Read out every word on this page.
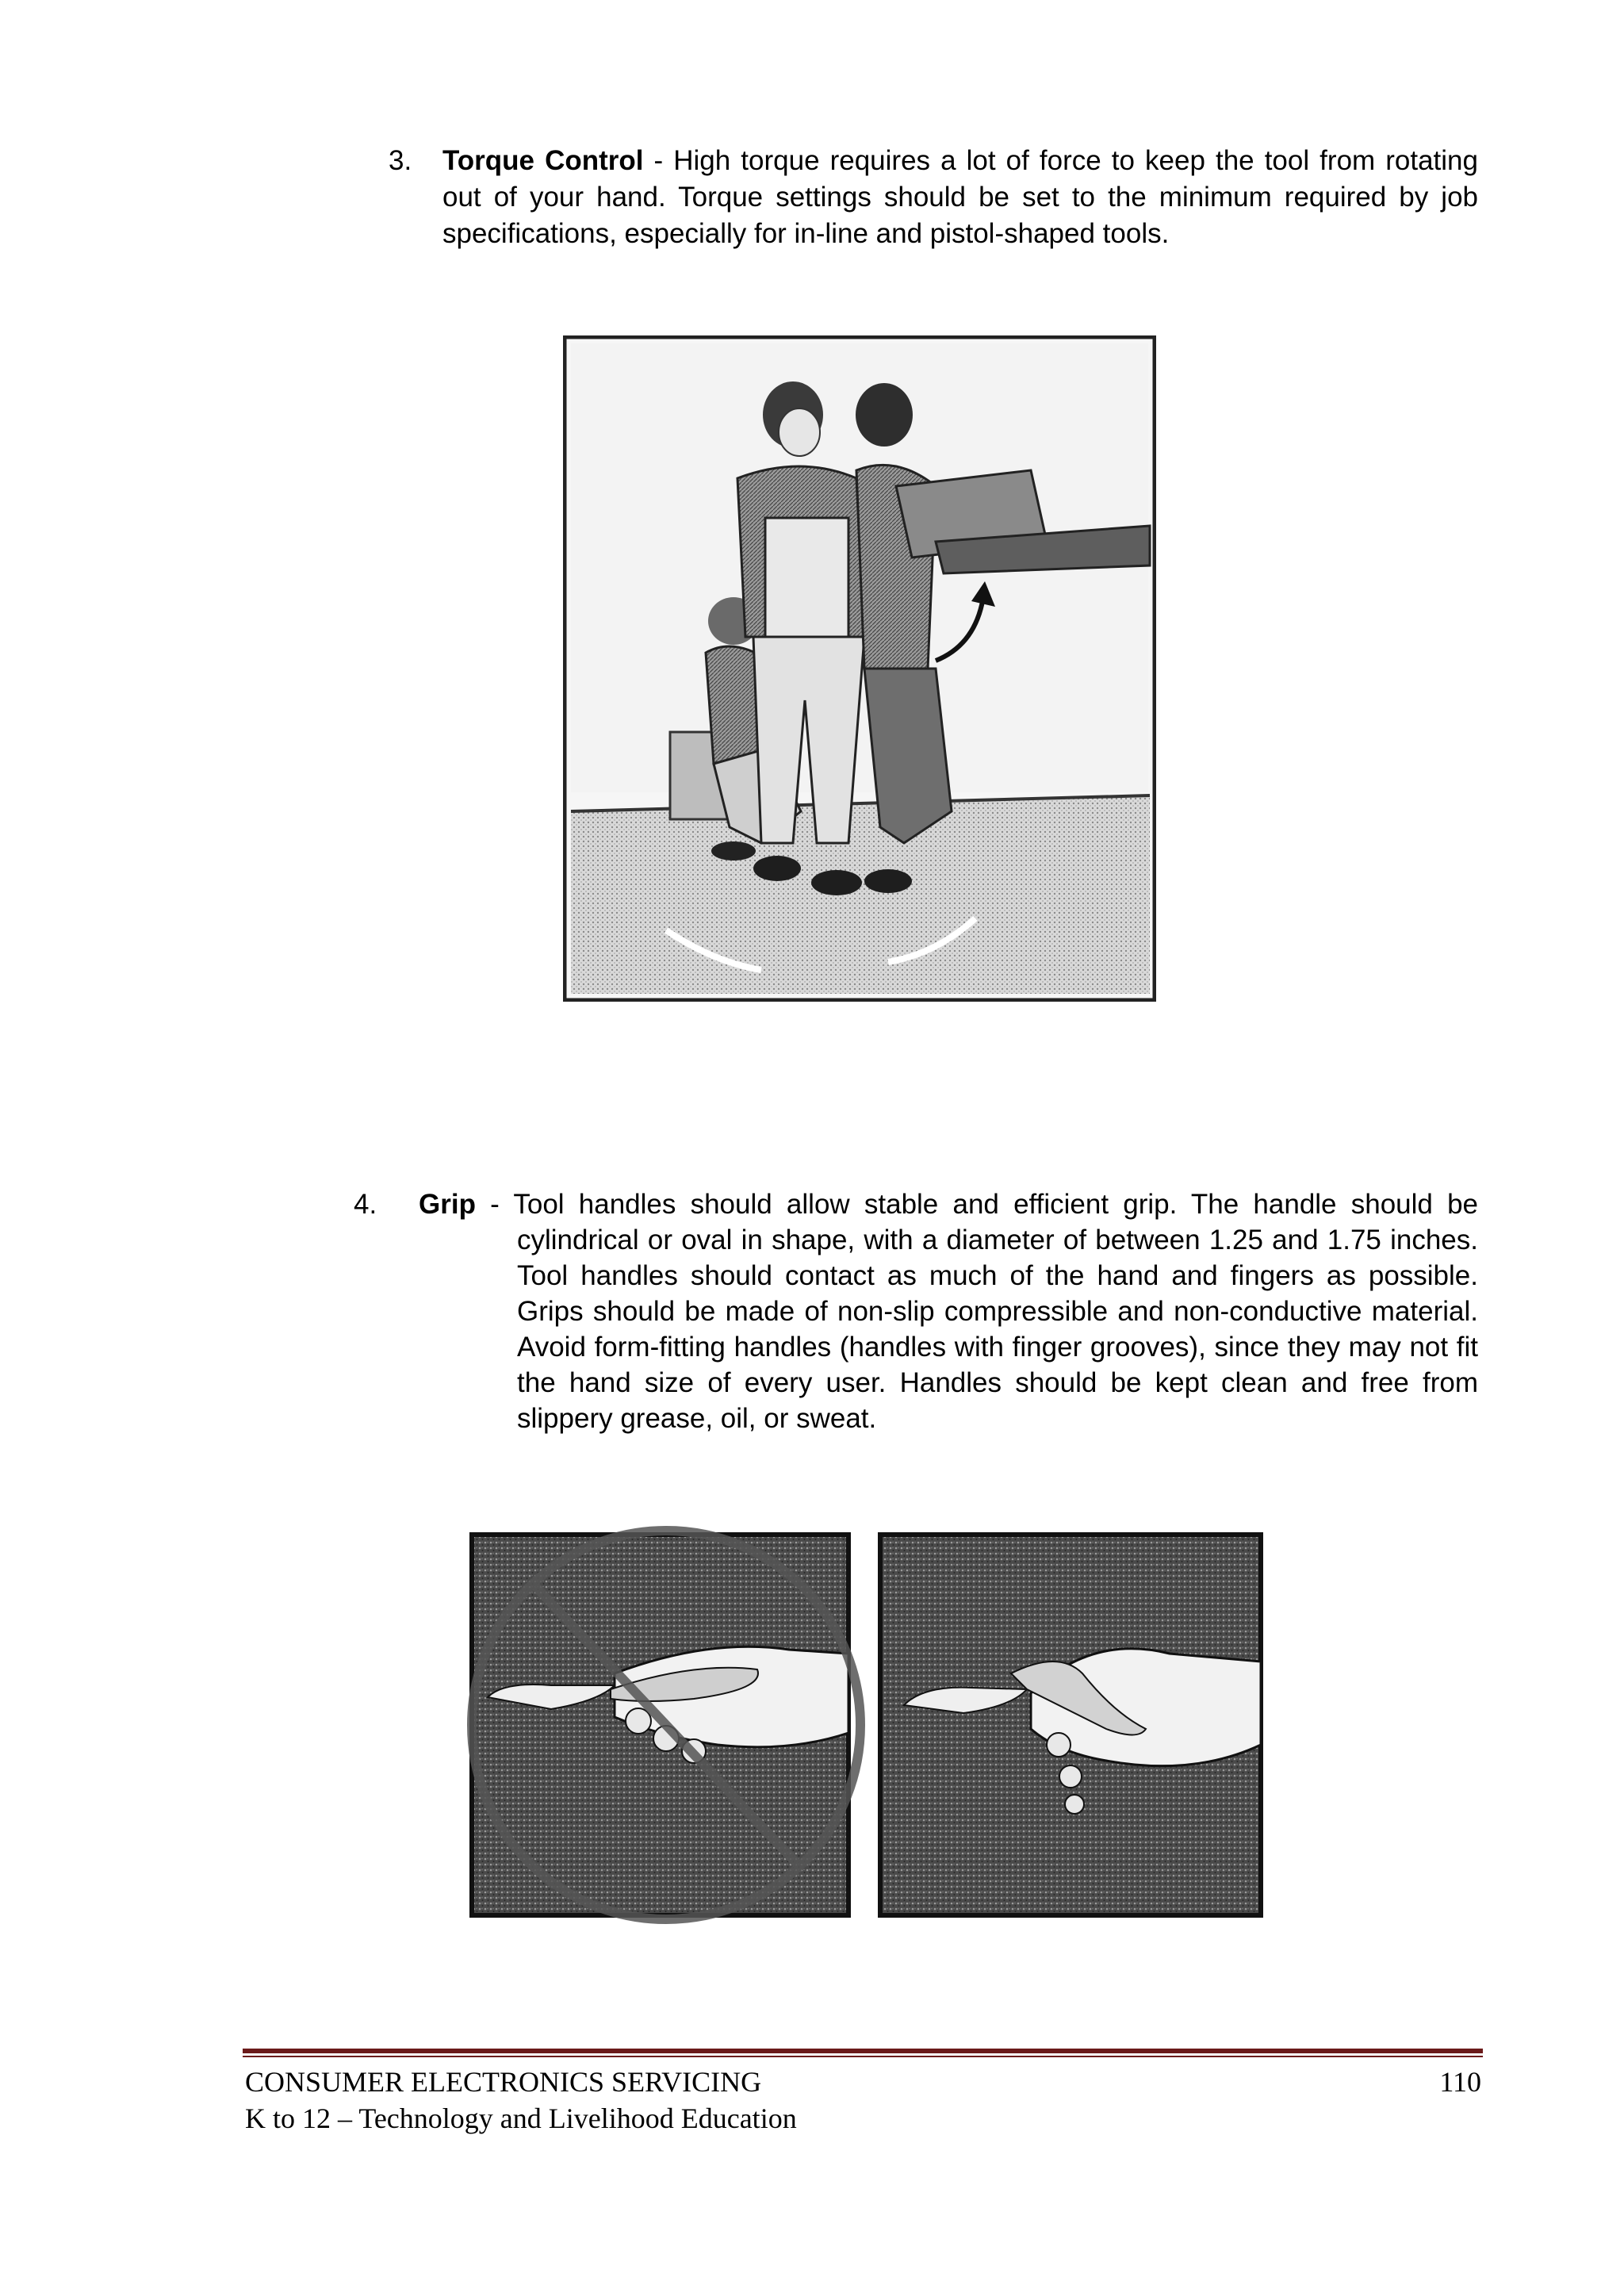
3. Torque Control - High torque requires a lot of force to keep the tool from rotating out of your hand. Torque settings should be set to the minimum required by job specifications, especially for in-line and pistol-shaped tools.
4. Grip - Tool handles should allow stable and efficient grip. The handle should be
cylindrical or oval in shape, with a diameter of between 1.25 and 1.75 inches. Tool handles should contact as much of the hand and fingers as possible. Grips should be made of non-slip compressible and non-conductive material. Avoid form-fitting handles (handles with finger grooves), since they may not fit the hand size of every user. Handles should be kept clean and free from slippery grease, oil, or sweat.
CONSUMER ELECTRONICS SERVICING
K to 12 – Technology and Livelihood Education
110
